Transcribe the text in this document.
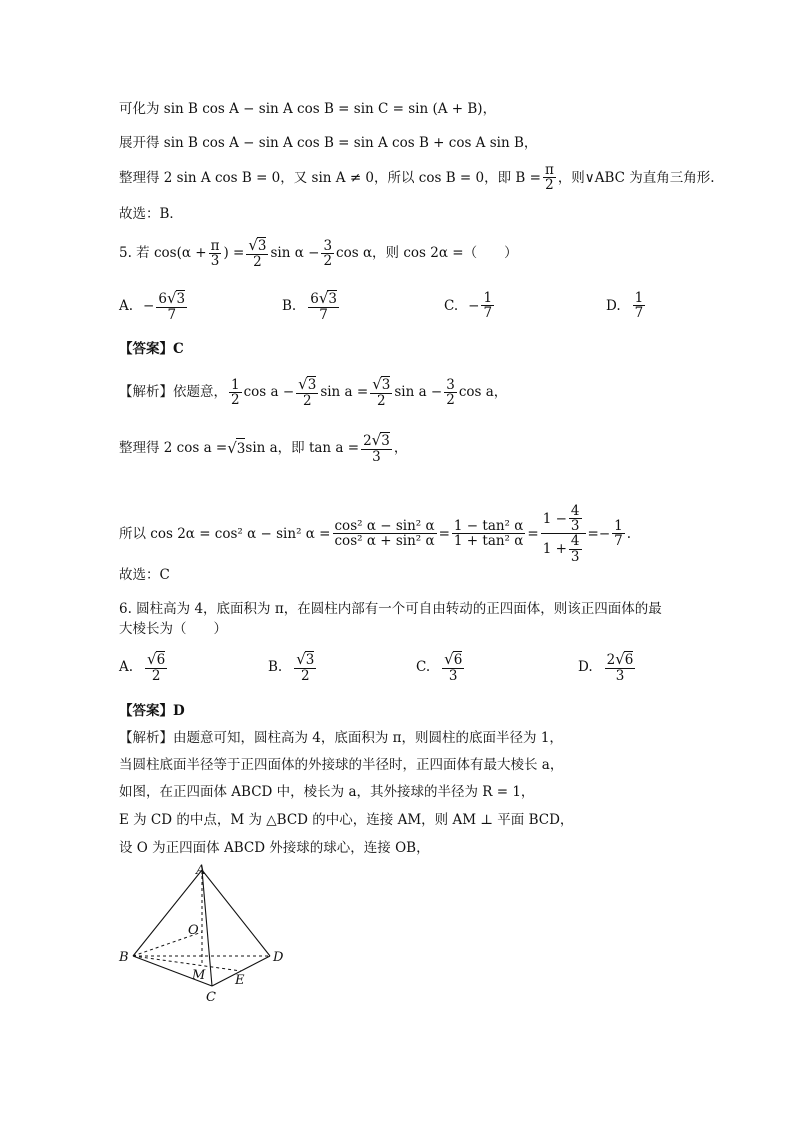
可化为 sin B cos A − sin A cos B = sin C = sin (A + B)，
展开得 sin B cos A − sin A cos B = sin A cos B + cos A sin B，
整理得 2 sin A cos B = 0，又 sin A ≠ 0，所以 cos B = 0，即 $B = \frac{\pi}{2}$ ，则∨ABC 为直角三角形.
故选：B．
5. 若 $\cos(\alpha + \frac{\pi}{3}$ ) = $\frac{√3}{2}$ $\sin \alpha - \frac{3}{2}$ cos α，则 cos 2α =（　　）
A. − $\frac{6√3}{7}$	B. $\frac{6√3}{7}$	C. − $\frac{1}{7}$	D. $\frac{1}{7}$
【答案】C
【解析】依题意， $\frac{1}{2}$ $\cos a - \frac{√3}{2}$ $\sin a = \frac{√3}{2}$ $\sin a - \frac{3}{2}$ cos a，
整理得 2 cos a = √ 3 sin a，即 $\tan a = \frac{2√3}{3}$ ，
所以 cos 2α = cos² α − sin² $\alpha = \frac{\text{cos² α − sin² α}}{\text{cos² α + sin² α}} = \frac{\text{1 − tan² α}}{\text{1 + tan² α}} = \frac{1 - \frac{4}{3}}{1 + \frac{4}{3}}$ = − $\frac{1}{7}$ .
故选：C
6. 圆柱高为 4，底面积为 π，在圆柱内部有一个可自由转动的正四面体，则该正四面体的最
大棱长为（　　）
A. $\frac{√6}{2}$	B. $\frac{√3}{2}$	C. $\frac{√6}{3}$	D. $\frac{2√6}{3}$
【答案】D
【解析】由题意可知，圆柱高为 4，底面积为 π，则圆柱的底面半径为 1，
当圆柱底面半径等于正四面体的外接球的半径时，正四面体有最大棱长 a，
如图，在正四面体 ABCD 中，棱长为 a，其外接球的半径为 R = 1，
E 为 CD 的中点，M 为 △BCD 的中心，连接 AM，则 AM ⊥ 平面 BCD，
设 O 为正四面体 ABCD 外接球的球心，连接 OB，
A
B
C
D
O
M E
